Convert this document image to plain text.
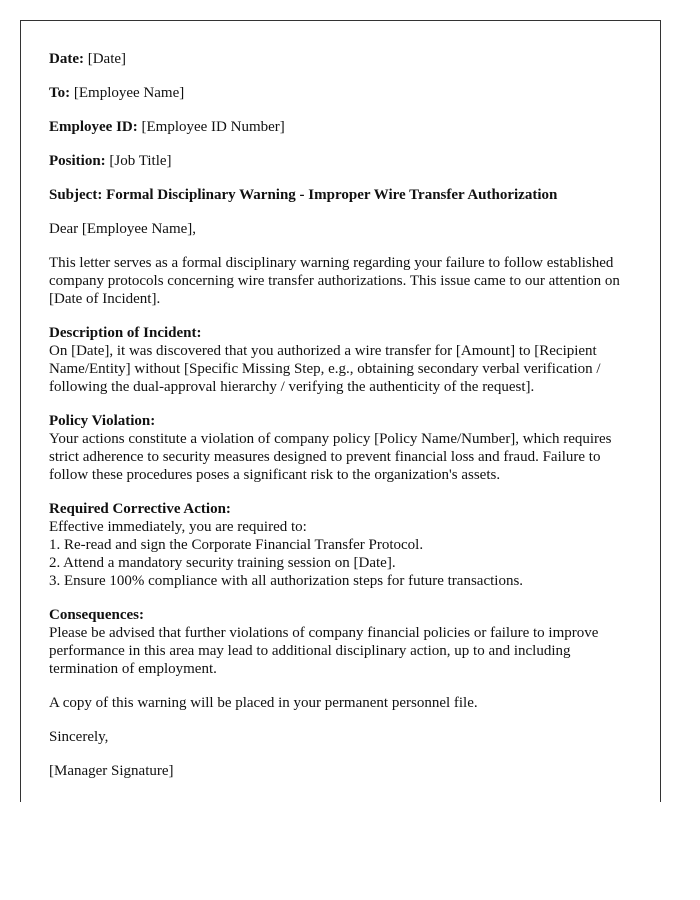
Date: [Date]

To: [Employee Name]

Employee ID: [Employee ID Number]

Position: [Job Title]

Subject: Formal Disciplinary Warning - Improper Wire Transfer Authorization

Dear [Employee Name],

This letter serves as a formal disciplinary warning regarding your failure to follow established company protocols concerning wire transfer authorizations. This issue came to our attention on [Date of Incident].

Description of Incident:
On [Date], it was discovered that you authorized a wire transfer for [Amount] to [Recipient Name/Entity] without [Specific Missing Step, e.g., obtaining secondary verbal verification / following the dual-approval hierarchy / verifying the authenticity of the request].

Policy Violation:
Your actions constitute a violation of company policy [Policy Name/Number], which requires strict adherence to security measures designed to prevent financial loss and fraud. Failure to follow these procedures poses a significant risk to the organization's assets.

Required Corrective Action:
Effective immediately, you are required to:
1. Re-read and sign the Corporate Financial Transfer Protocol.
2. Attend a mandatory security training session on [Date].
3. Ensure 100% compliance with all authorization steps for future transactions.

Consequences:
Please be advised that further violations of company financial policies or failure to improve performance in this area may lead to additional disciplinary action, up to and including termination of employment.

A copy of this warning will be placed in your permanent personnel file.

Sincerely,

[Manager Signature]
